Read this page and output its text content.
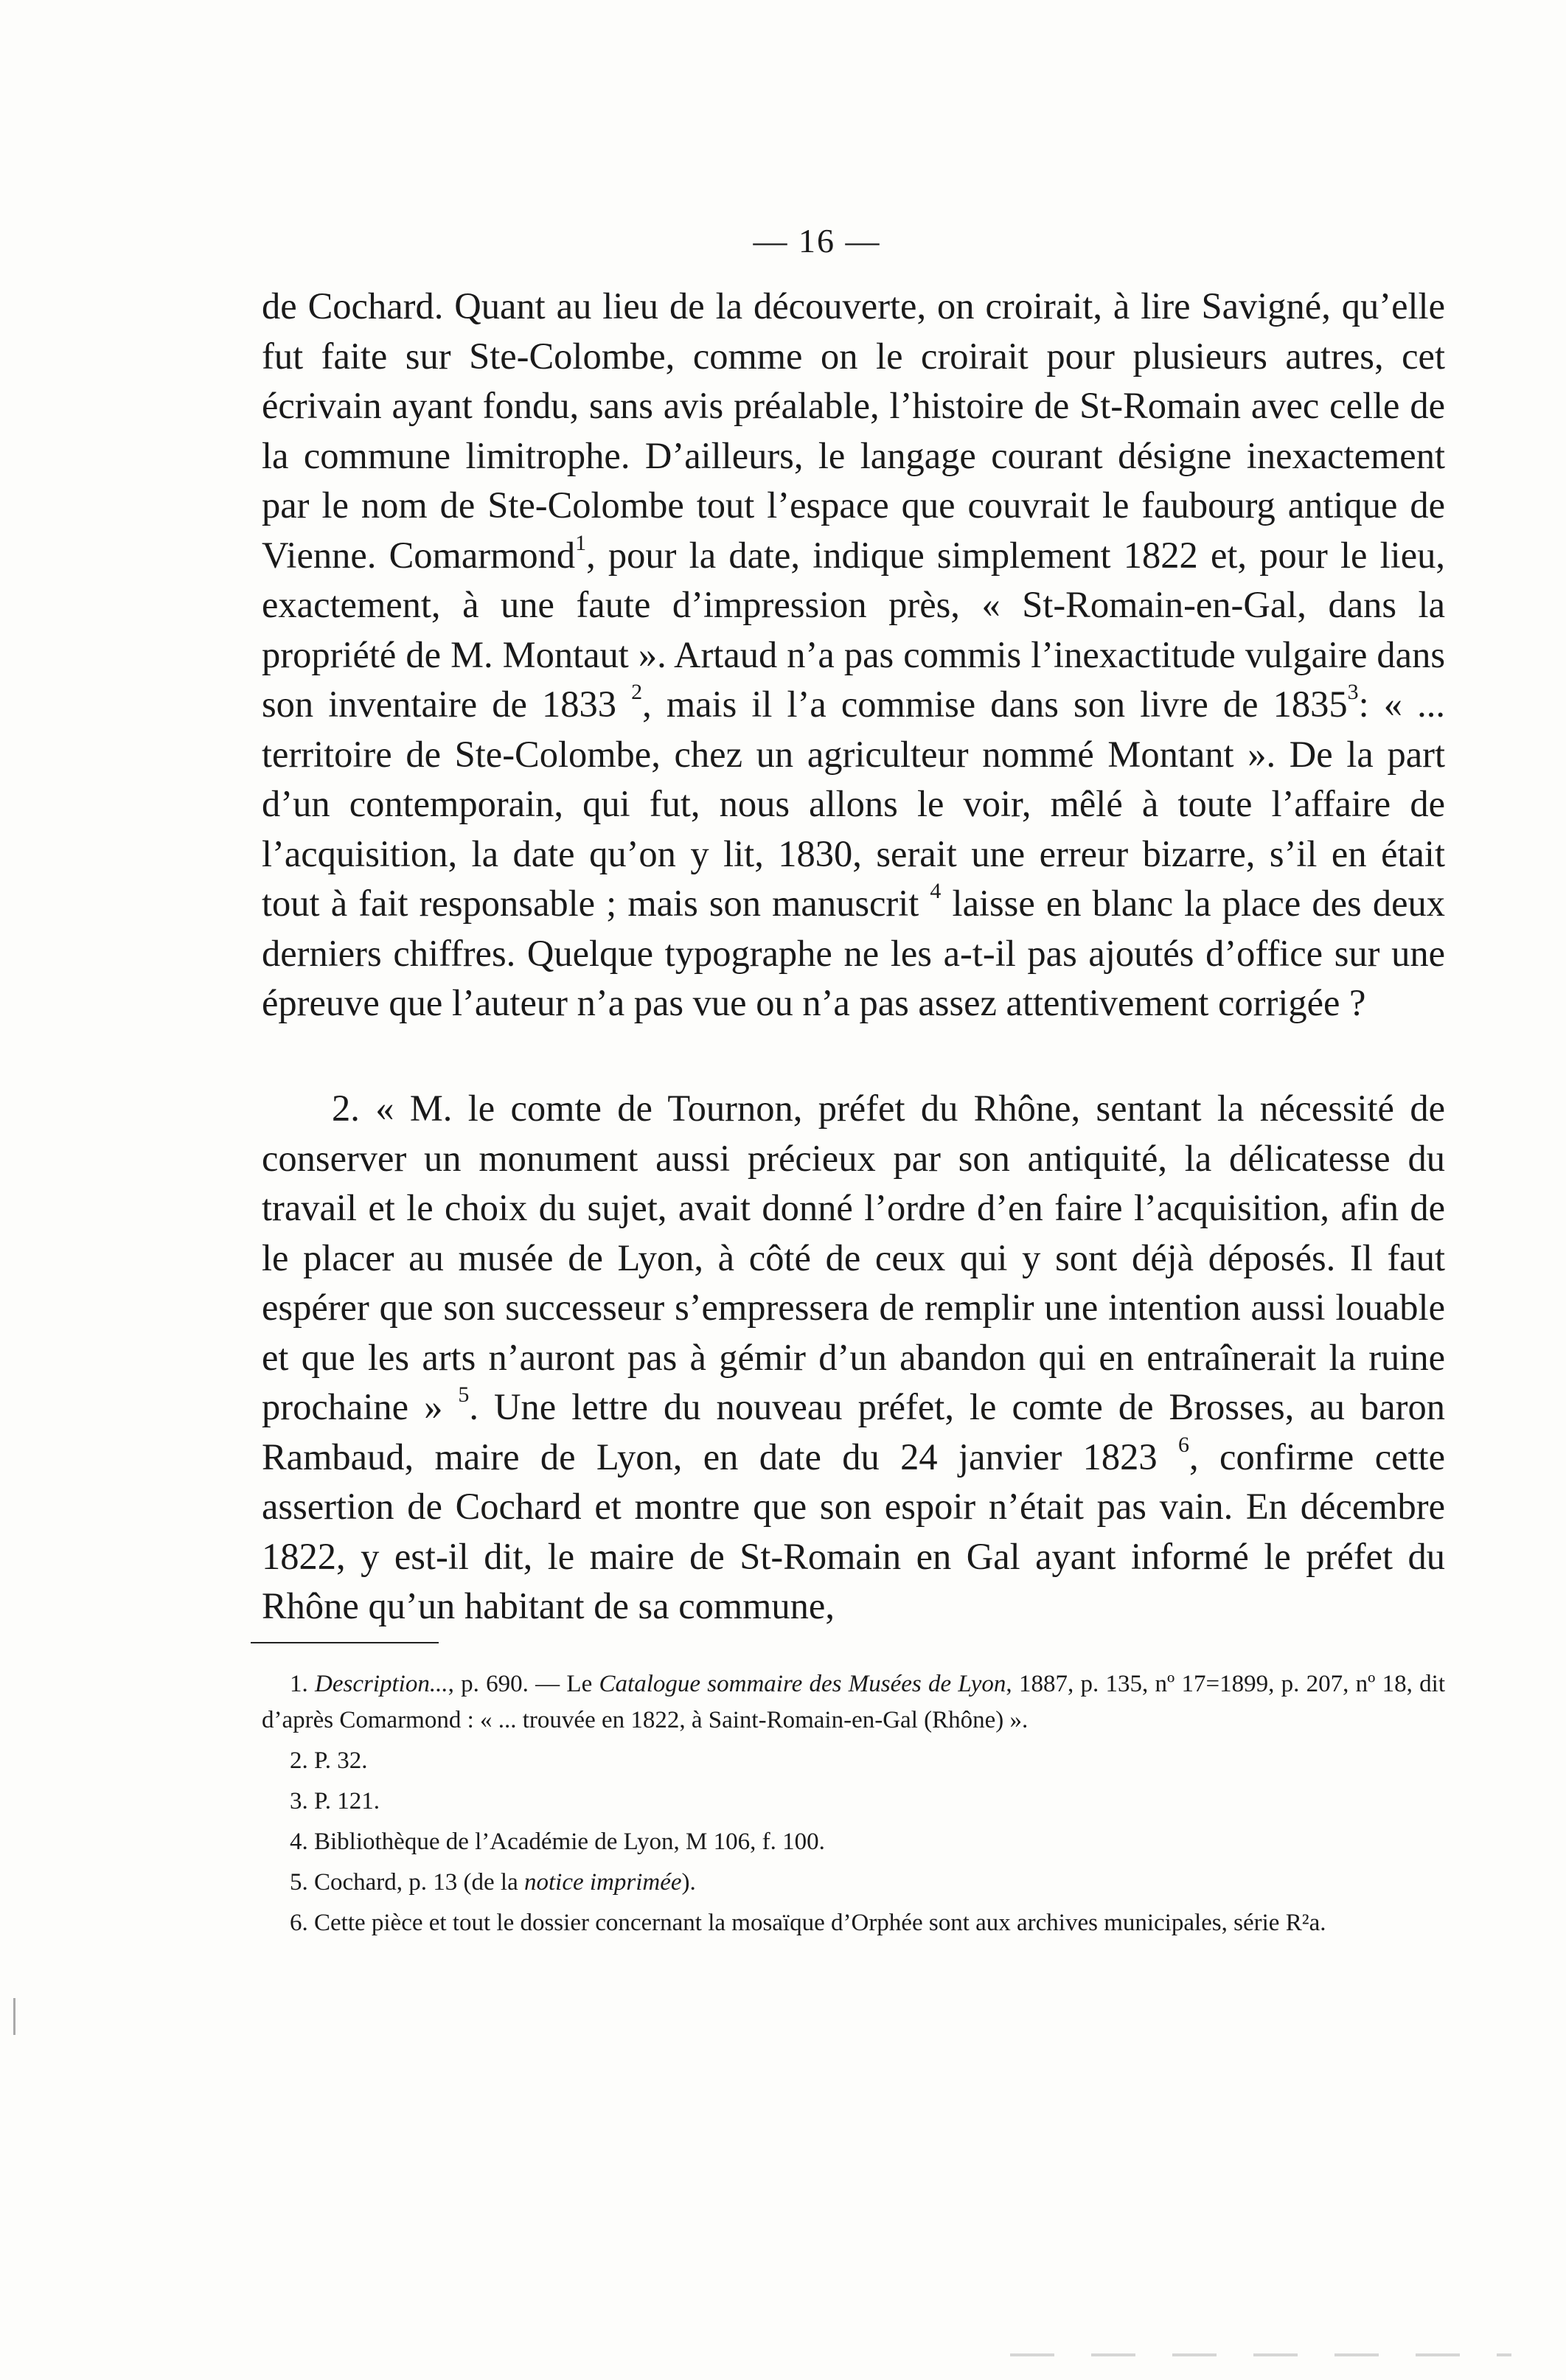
— 16 —

de Cochard. Quant au lieu de la découverte, on croirait, à lire Savigné, qu’elle fut faite sur Ste-Colombe, comme on le croirait pour plusieurs autres, cet écrivain ayant fondu, sans avis préalable, l’histoire de St-Romain avec celle de la commune limitrophe. D’ailleurs, le langage courant désigne inexactement par le nom de Ste-Colombe tout l’espace que couvrait le faubourg antique de Vienne. Comarmond$^1$, pour la date, indique simplement 1822 et, pour le lieu, exactement, à une faute d’impression près, « St-Romain-en-Gal, dans la propriété de M. Montaut ». Artaud n’a pas commis l’inexactitude vulgaire dans son inventaire de 1833 $^2$, mais il l’a commise dans son livre de 1835$^3$: « ... territoire de Ste-Colombe, chez un agriculteur nommé Montant ». De la part d’un contemporain, qui fut, nous allons le voir, mêlé à toute l’affaire de l’acquisition, la date qu’on y lit, 1830, serait une erreur bizarre, s’il en était tout à fait responsable ; mais son manuscrit $^4$ laisse en blanc la place des deux derniers chiffres. Quelque typographe ne les a-t-il pas ajoutés d’office sur une épreuve que l’auteur n’a pas vue ou n’a pas assez attentivement corrigée ?

2. « M. le comte de Tournon, préfet du Rhône, sentant la nécessité de conserver un monument aussi précieux par son antiquité, la délicatesse du travail et le choix du sujet, avait donné l’ordre d’en faire l’acquisition, afin de le placer au musée de Lyon, à côté de ceux qui y sont déjà déposés. Il faut espérer que son successeur s’empressera de remplir une intention aussi louable et que les arts n’auront pas à gémir d’un abandon qui en entraînerait la ruine prochaine » $^5$. Une lettre du nouveau préfet, le comte de Brosses, au baron Rambaud, maire de Lyon, en date du 24 janvier 1823 $^6$, confirme cette assertion de Cochard et montre que son espoir n’était pas vain. En décembre 1822, y est-il dit, le maire de St-Romain en Gal ayant informé le préfet du Rhône qu’un habitant de sa commune,

1. Description..., p. 690. — Le Catalogue sommaire des Musées de Lyon, 1887, p. 135, nº 17=1899, p. 207, nº 18, dit d’après Comarmond : « ... trouvée en 1822, à Saint-Romain-en-Gal (Rhône) ».

2. P. 32.

3. P. 121.

4. Bibliothèque de l’Académie de Lyon, M 106, f. 100.

5. Cochard, p. 13 (de la notice imprimée).

6. Cette pièce et tout le dossier concernant la mosaïque d’Orphée sont aux archives municipales, série R²a.
